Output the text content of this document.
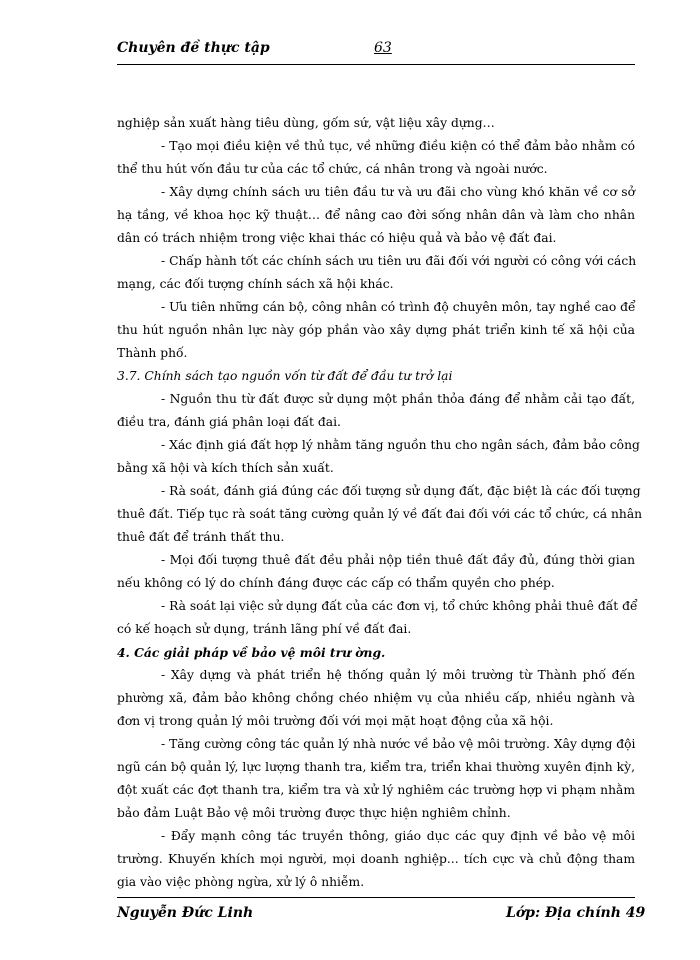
Chuyên đề thực tập	63
nghiệp sản xuất hàng tiêu dùng, gốm sứ, vật liệu xây dựng…
- Tạo mọi điều kiện về thủ tục, về những điều kiện có thể đảm bảo nhằm có
thể thu hút vốn đầu tư của các tổ chức, cá nhân trong và ngoài nước.
- Xây dựng chính sách ưu tiên đầu tư và ưu đãi cho vùng khó khăn về cơ sở
hạ tầng, về khoa học kỹ thuật… để nâng cao đời sống nhân dân và làm cho nhân
dân có trách nhiệm trong việc khai thác có hiệu quả và bảo vệ đất đai.
- Chấp hành tốt các chính sách ưu tiên ưu đãi đối với người có công với cách
mạng, các đối tượng chính sách xã hội khác.
- Ưu tiên những cán bộ, công nhân có trình độ chuyên môn, tay nghề cao để
thu hút nguồn nhân lực này góp phần vào xây dựng phát triển kinh tế xã hội của
Thành phố.
3.7. Chính sách tạo nguồn vốn từ đất để đầu tư trở lại
- Nguồn thu từ đất được sử dụng một phần thỏa đáng để nhằm cải tạo đất,
điều tra, đánh giá phân loại đất đai.
- Xác định giá đất hợp lý nhằm tăng nguồn thu cho ngân sách, đảm bảo công
bằng xã hội và kích thích sản xuất.
- Rà soát, đánh giá đúng các đối tượng sử dụng đất, đặc biệt là các đối tượng
thuê đất. Tiếp tục rà soát tăng cường quản lý về đất đai đối với các tổ chức, cá nhân
thuê đất để tránh thất thu.
- Mọi đối tượng thuê đất đều phải nộp tiền thuê đất đầy đủ, đúng thời gian
nếu không có lý do chính đáng được các cấp có thẩm quyền cho phép.
- Rà soát lại việc sử dụng đất của các đơn vị, tổ chức không phải thuê đất để
có kế hoạch sử dụng, tránh lãng phí về đất đai.
4. Các giải pháp về bảo vệ môi trư ờng.
- Xây dựng và phát triển hệ thống quản lý môi trường từ Thành phố đến
phường xã, đảm bảo không chồng chéo nhiệm vụ của nhiều cấp, nhiều ngành và
đơn vị trong quản lý môi trường đối với mọi mặt hoạt động của xã hội.
- Tăng cường công tác quản lý nhà nước về bảo vệ môi trường. Xây dựng đội
ngũ cán bộ quản lý, lực lượng thanh tra, kiểm tra, triển khai thường xuyên định kỳ,
đột xuất các đợt thanh tra, kiểm tra và xử lý nghiêm các trường hợp vi phạm nhằm
bảo đảm Luật Bảo vệ môi trường được thực hiện nghiêm chỉnh.
- Đẩy mạnh công tác truyền thông, giáo dục các quy định về bảo vệ môi
trường. Khuyến khích mọi người, mọi doanh nghiệp... tích cực và chủ động tham
gia vào việc phòng ngừa, xử lý ô nhiễm.
Nguyễn Đức Linh	Lớp: Địa chính 49
